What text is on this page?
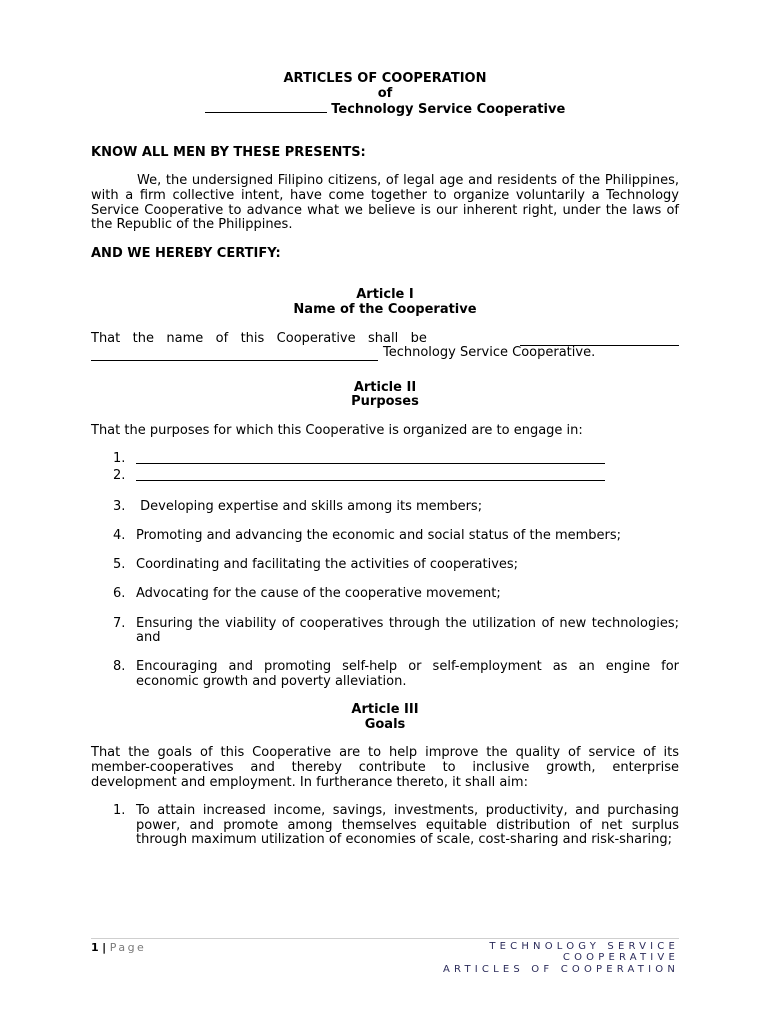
ARTICLES OF COOPERATION
of
Technology Service Cooperative
KNOW ALL MEN BY THESE PRESENTS:
We, the undersigned Filipino citizens, of legal age and residents of the Philippines, with a firm collective intent, have come together to organize voluntarily a Technology Service Cooperative to advance what we believe is our inherent right, under the laws of the Republic of the Philippines.
AND WE HEREBY CERTIFY:
Article I
Name of the Cooperative
That   the   name   of   this   Cooperative   shall   be
Technology Service Cooperative.
Article II
Purposes
That the purposes for which this Cooperative is organized are to engage in:
1.
2.
3. Developing expertise and skills among its members;
4. Promoting and advancing the economic and social status of the members;
5. Coordinating and facilitating the activities of cooperatives;
6. Advocating for the cause of the cooperative movement;
7. Ensuring the viability of cooperatives through the utilization of new technologies; and
8. Encouraging and promoting self-help or self-employment as an engine for economic growth and poverty alleviation.
Article III
Goals
That the goals of this Cooperative are to help improve the quality of service of its member-cooperatives and thereby contribute to inclusive growth, enterprise development and employment. In furtherance thereto, it shall aim:
1. To attain increased income, savings, investments, productivity, and purchasing power, and promote among themselves equitable distribution of net surplus through maximum utilization of economies of scale, cost-sharing and risk-sharing;
1 | Page	TECHNOLOGY SERVICE
COOPERATIVE
ARTICLES OF COOPERATION
